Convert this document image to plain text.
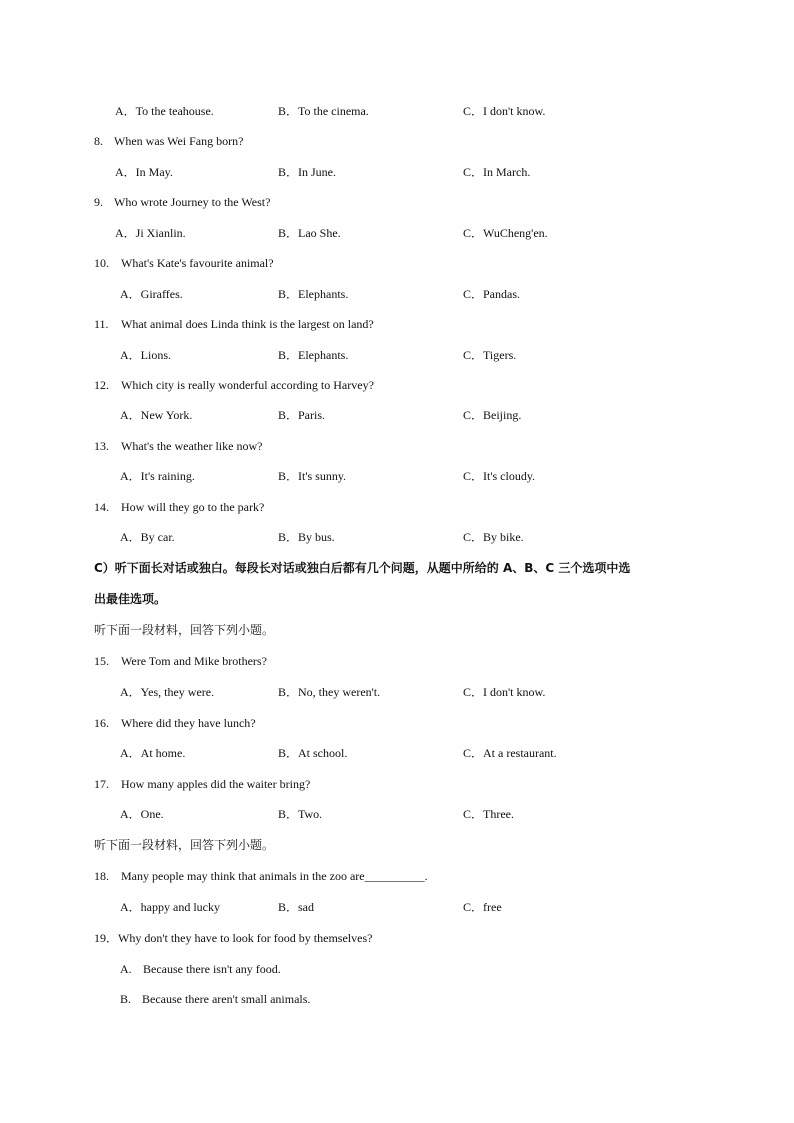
A．To the teahouse.	B．To the cinema.	C．I don't know.
8. When was Wei Fang born?
A．In May.	B．In June.	C．In March.
9. Who wrote Journey to the West?
A．Ji Xianlin.	B．Lao She.	C．WuCheng'en.
10. What's Kate's favourite animal?
A．Giraffes.	B．Elephants.	C．Pandas.
11. What animal does Linda think is the largest on land?
A．Lions.	B．Elephants.	C．Tigers.
12. Which city is really wonderful according to Harvey?
A．New York.	B．Paris.	C．Beijing.
13. What's the weather like now?
A．It's raining.	B．It's sunny.	C．It's cloudy.
14. How will they go to the park?
A．By car.	B．By bus.	C．By bike.
C）听下面长对话或独白。每段长对话或独白后都有几个问题，从题中所给的 A、B、C 三个选项中选
出最佳选项。
听下面一段材料，回答下列小题。
15. Were Tom and Mike brothers?
A．Yes, they were.	B．No, they weren't.	C．I don't know.
16. Where did they have lunch?
A．At home.	B．At school.	C．At a restaurant.
17. How many apples did the waiter bring?
A．One.	B．Two.	C．Three.
听下面一段材料，回答下列小题。
18. Many people may think that animals in the zoo are__________.
A．happy and lucky	B．sad	C．free
19．Why don't they have to look for food by themselves?
A. Because there isn't any food.
B. Because there aren't small animals.
